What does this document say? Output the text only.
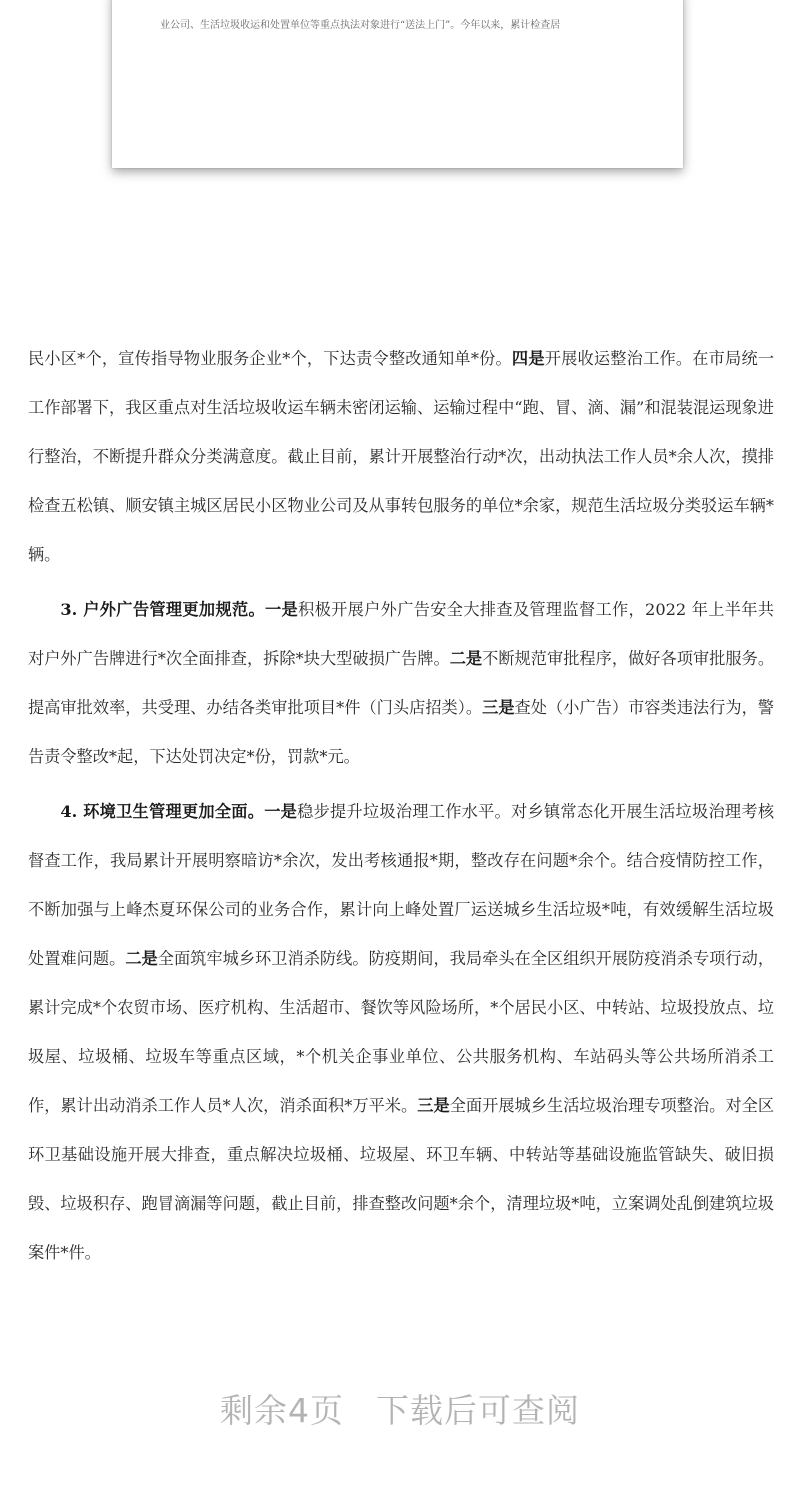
业公司、生活垃圾收运和处置单位等重点执法对象进行“送法上门”。今年以来，累计检查居

民小区*个，宣传指导物业服务企业*个，下达责令整改通知单*份。四是开展收运整治工作。在市局统一工作部署下，我区重点对生活垃圾收运车辆未密闭运输、运输过程中“跑、冒、滴、漏”和混装混运现象进行整治，不断提升群众分类满意度。截止目前，累计开展整治行动*次，出动执法工作人员*余人次，摸排检查五松镇、顺安镇主城区居民小区物业公司及从事转包服务的单位*余家，规范生活垃圾分类驳运车辆*辆。

3. 户外广告管理更加规范。一是积极开展户外广告安全大排查及管理监督工作，2022 年上半年共对户外广告牌进行*次全面排查，拆除*块大型破损广告牌。二是不断规范审批程序，做好各项审批服务。提高审批效率，共受理、办结各类审批项目*件（门头店招类）。三是查处（小广告）市容类违法行为，警告责令整改*起，下达处罚决定*份，罚款*元。

4. 环境卫生管理更加全面。一是稳步提升垃圾治理工作水平。对乡镇常态化开展生活垃圾治理考核督查工作，我局累计开展明察暗访*余次，发出考核通报*期，整改存在问题*余个。结合疫情防控工作，不断加强与上峰杰夏环保公司的业务合作，累计向上峰处置厂运送城乡生活垃圾*吨，有效缓解生活垃圾处置难问题。二是全面筑牢城乡环卫消杀防线。防疫期间，我局牵头在全区组织开展防疫消杀专项行动，累计完成*个农贸市场、医疗机构、生活超市、餐饮等风险场所，*个居民小区、中转站、垃圾投放点、垃圾屋、垃圾桶、垃圾车等重点区域，*个机关企事业单位、公共服务机构、车站码头等公共场所消杀工作，累计出动消杀工作人员*人次，消杀面积*万平米。三是全面开展城乡生活垃圾治理专项整治。对全区环卫基础设施开展大排查，重点解决垃圾桶、垃圾屋、环卫车辆、中转站等基础设施监管缺失、破旧损毁、垃圾积存、跑冒滴漏等问题，截止目前，排查整改问题*余个，清理垃圾*吨，立案调处乱倒建筑垃圾案件*件。

剩余4页 下载后可查阅
